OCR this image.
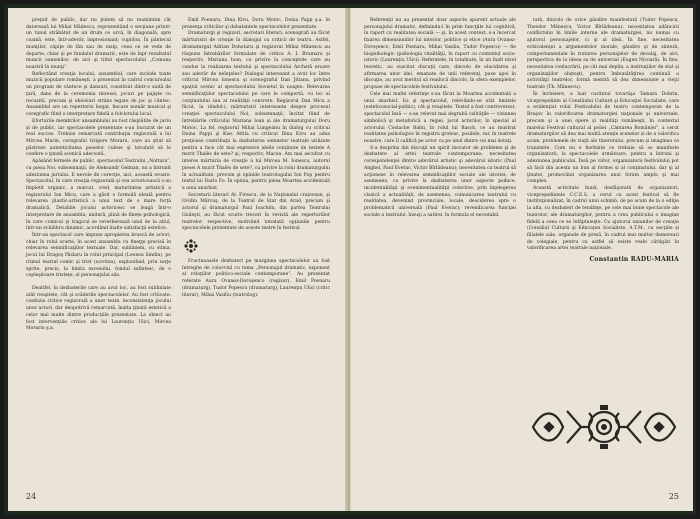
preţuit de public, dar nu putem să nu reamintim cât datorează lui Mihai Mădescu, reprezentând o secţiune printr-un tunul străbătut de un drum ce urcă, în diagonală, spre coamă, este, într-adevăr, impresionant; cupidon. În pântecul munţilor, căpiţe de fân sau de nisip, ceea ce se vede de departe, chiar şi pe fundalul dramatic, este de fapt rezultatul muncii oamenilor; de aici şi titlul spectacolului „Comuna noastră în munţi”.

Reflectând creaţia locului, ansamblul, care include toate muzicii populare româneşti, a prezentat în cadrul concursului un program de cântece şi dansuri, constituit dintr-o suită de ţară, dans de la ceremonia miresei, jocuri pe pajişte cu recuzită, precum şi obiceiuri strâns legate de joc şi cântec. Ansamblul are un repertoriu bogat, fiecare număr muzical şi coregrafic fiind o interpretare fidelă a folclorului local.

Eforturile membrilor ansamblului au fost răsplătite de juriu şi de public, iar spectacolele prezentate s-au bucurat de un real succes. Trebuie remarcată contribuţia regizorală a lui Mircea Marin, coregraful Grigore Moraru, care au ştiut să păstreze autenticitatea pieselor culese şi totodată să le confere o ţinută scenică adecvată.

Apăsând fermele de public, spectacolul Teatrului „Nottara”, cu piesa Noi, subsemnaţii, de Aleksandr Gelman, nu a întrunit adeziunea juriului. E nevoie de corecţie, aici, această eroare. Spectacolul, în care creaţia regizorală şi cea actoricească s-au împletit organic, a marcat, cred, maturitatea artistică a regizorului Ion Micu, care a găsit o formulă ideală pentru relevarea plastic-artistică a unui text de o mare forţă dramatică. Detaliile jocului actoricesc se leagă într-o interpretare de ansamblu, unitară, plină de finețe psihologică, în care comicul şi tragicul se reverberează unul de la altul, într-un echilibru dinamic, acordând înalte satisfacţii estetice.

Într-un spectacol care impune apropierea bruscă de actori, chiar în rolul scurte, în acest ansamblu cu fineţţe precisă în relevarea semnificaţiilor textuale. Dar, subliniem, cu stima, jocul lui Dragoş Pâslaru în rolul principal (Leonea Sindin), pe ritmul teatral comic şi trist (ocrotea), exploatând, prin sarje sprite, precis, la limita excesului, fondul sufletesc, de o copleşitoare tristeţe, al personajului său.

Dealtfel, în dezbaterile care au avut loc, au fost subliniate atât reuşitele, cât şi scăderile spectacolelor. Au fost criticate: confuzia critice regizorală a unor texte, inconsistenţa jocului unor actori, dar deopotrivă remarcată, înalta ţinută estetică a celor mai multe dintre producţiile prezentate. La obiect au fost intervenţiile critice ale lui Laurenţiu Ulici, Mircea Morariu ş.a.

Emil Poenaru, Dina Kivu, Doru Motoc, Doina Papp ş.a. în prezenţa criticilor şi debatantele spectacolelor prezentate.

Dramaturgi şi regizori, secretari literari, scenografi au făcut mărturisiri de creaţie în dialogul cu criticii de teatru. Astfel, dramaturgul Adrian Dohotaru şi regizorul Mihai Mănescu au răspuns întrebărilor formulate de critica A. I. Brumaru şi respectiv, Mariana Ioan, cu privire la conceptele care au condus la realizarea textului şi spectacolului Archetă eroare sau adevăr de neînţeles? Dialogul interesant a avut loc între criticul Mircea Ionescu şi scenograful Dan Jitianu, privind spaţiul scenic al spectacolului Sovietul în noapte. Relevarea semnificaţiilor spectacolului pe care le comportă, cu loc al conţinutului sau al realităţii concrete. Regizorul Dan Micu a făcut, la rândul-i, mărturisiri interesante despre procesul creaţiei spectacolului Noi, subsemnaţii, încitat fiind de întrebările criticului Mariana Ioan şi ale dramaturgului Doru Motoc. La fel, regizorul Mihai Lungeanu în dialog cu criticul Doina Pappi şi Kiss Attila cu criticul Dina Kivu au adus preţioase contribuţii la dezbaterea semnelor teatrale utilizate pentru a face cât mai expresive ideile conţinute de textele A murit Thalès de sete? şi, respectiv, Macea. Am mai ascultat cu interes mărturia de creaţie a lui Mircea M. Ionescu, autorul piesei A murit Thalès de sete?, cu privire la rolul dramaturgului în actualitate, precum şi opiniile teatrologului Ion Pop pentru textul lui Dario Fo. În opinia, pentru piesa Moartea accidentală a unui anarhist.

Secretarii literari Al. Firescu, de la Naţionalul craiovean, şi Ovidiu Mărcuş, de la Teatrul de Stat din Arad, precum şi actorul şi dramaturgul Paul Ioachim, din partea Teatrului Giuleşti, au făcut scurte treceri în revistă ale repertoriilor teatrelor respective, motivând totodată opţiunile pentru spectacolele prezentate de aceste teatre în festival.

Fructuoasele dezbateri pe marginea spectacolelor au fost întregite de colocviul cu tema „Personajul dramatic, exponent al relaţiilor politico-sociale contemporane”. Au prezentat referate Aura Ovanez-Doroşenco (regizor), Emil Poenaru (dramaturg), Tudor Popescu (dramaturg), Laurenţiu Ulici (critic literar), Mihai Vasiliu (teatrolog).

24

Referenţii nu au prezentat doar aspecte aparent actuale ale personajului dramatic, definindu-l în prim funcţiile lui cognitivă, în raport cu realitatea socială — şi, în acest context, s-a încercat fixarea dimensiunilor lui interior, politice şi etice (Aura Ovanez-Doroşenco, Emil Poenaru, Mihai Vasiliu, Tudor Popescu) — fie biopsihologic (psihologia vitalităţii, în raport cu contextul socio-istoric (Laurenţiu Ulici). Referatele, în totalitate, în un înalt nivel teoretic, au suscitat discuţii care, dincolo de elucidarea şi afirmarea unor idei, emanate de unii referenţi, puse apoi în discuţie, au avut meritul să readucă dincolo, în sfera exemplelor, propuse de spectacolele festivalului.

Cele mai multe referinţe s-au făcut la Moartea accidentală a unui anarhist. Ea şi spectacolul, relevându-se atât limitele (esteticosocial-politic), cât şi reuşitele. Textul a fost controversat, spectacolul însă — s-au relevat mai degrabă calităţile — viziunea simbolică şi metaforică a regiei, jocul actorilor, în special al actorului Costache Babii, în rolul lui Basch, ce au mustrat realitatea psihologice în registru grotesc, posibile, rar, în teatrele noastre, care îl califică pe actor ca pe unul dintre cei mai dotaţi.

S-a desprins din discuţii un spirit inovator de probleme şi de dezbatere al artei teatrale contemporane: necesitatea corespondenţei dintre adevărul artistic şi adevărul istoric (Paul Anghel, Paul Everac, Victor Bîrlădeanu); necesitatea ca teatrul să acţioneze în relevarea semnificaţiilor sociale ale istoriei; de asemenea, cu privire la dezbaterea unor aspecte psihice, incidentalităţii şi evenimentualităţii colective, prin înţelegerea clasică a actualităţii, de asemenea, comunicarea teatrului cu realitatea, devenind provinciale, locale, desciderea spre o problematică universală (Paul Everac); revendicarea funcţiei sociale a teatrului, însuşi a satirei, în formula el necedabil.

tată, dincolo de orice gândire manifestată (Tudor Popescu, Theodor Mănescu, Victor Bîrlădeanu): necesitatea adâncirii conflictului în liniile interne ale dramaturgiei, nu numai cu ajutorul personajelor, ci şi al ideii. În fine, necesitatea echivalenţei a argumentelor morale, gândire şi de sinteză, comportamentale în tratarea personajelor de decalaj, de aici, perspectiva de la ideea sa de universal (Eugen Nicoară). În fine, necesitatea conlucrării, pe cât mai deplin, a instituţiilor de stat şi organizaţiilor obşteşti, pentru îmbunătăţirea continuă a activităţii teatrelor, formă menită să dea dimensiune a vieţii teatrale (Th. Mănescu).

În încheiere, a luat cuvântul tovarăşa Tamara Dobrin, vicepreşedinte al Consiliului Culturii şi Educaţiei Socialiste, care a evidenţiat rolul Festivalului de teatru contemporan de la Braşov în valorificarea dramaturgiei naţionale şi universale, precum şi a unei opere şi realităţi româneşti, în contextul marelui Festival cultural al poliei „Cântarea României”, a cerut dramaturgilor să dea mai multă atenţie scenelor și de a valorifica acum, problemele de viaţă ale tineretului, precum şi imaginea ce transmite. Cum nu e fierbinte ce trebuie să se manifeste organizatorii, la spectacolele următoare, pentru a întruni şi adeziunea publicului. Însă pe viitor, organizatorii festivalului pot să facă din acesta un bun al formei și al conţinutului, dar şi al ţinutei, promovând organizarea unui forum amplu şi mai complex.

Această activitate bună, desfăşurată de organizatori, vicepreşedintele C.C.E.S. a cerut ca acest festival să fie instituţionalizat, în cadrul unui schimb, de pe acum de la o ediţie la alta, cu dezbateri de tendinţe, pe cele mai bune spectacole ale teatrelor, ale dramaturgilor, pentru a crea publicului o imagine fidelă a ceea ce se înfăptuieşte. Cu ajutorul uniunilor de creaţie (Consiliul Culturii şi Educaţiei Socialiste, A.T.M., cu secţiile şi filialele sale, organele de presă, în cadrul mai multor demersuri de colegiale, pentru ca astfel să existe reale cârligări în valorificarea artei teatrale naţionale.

Constantin RADU-MARIA
25
